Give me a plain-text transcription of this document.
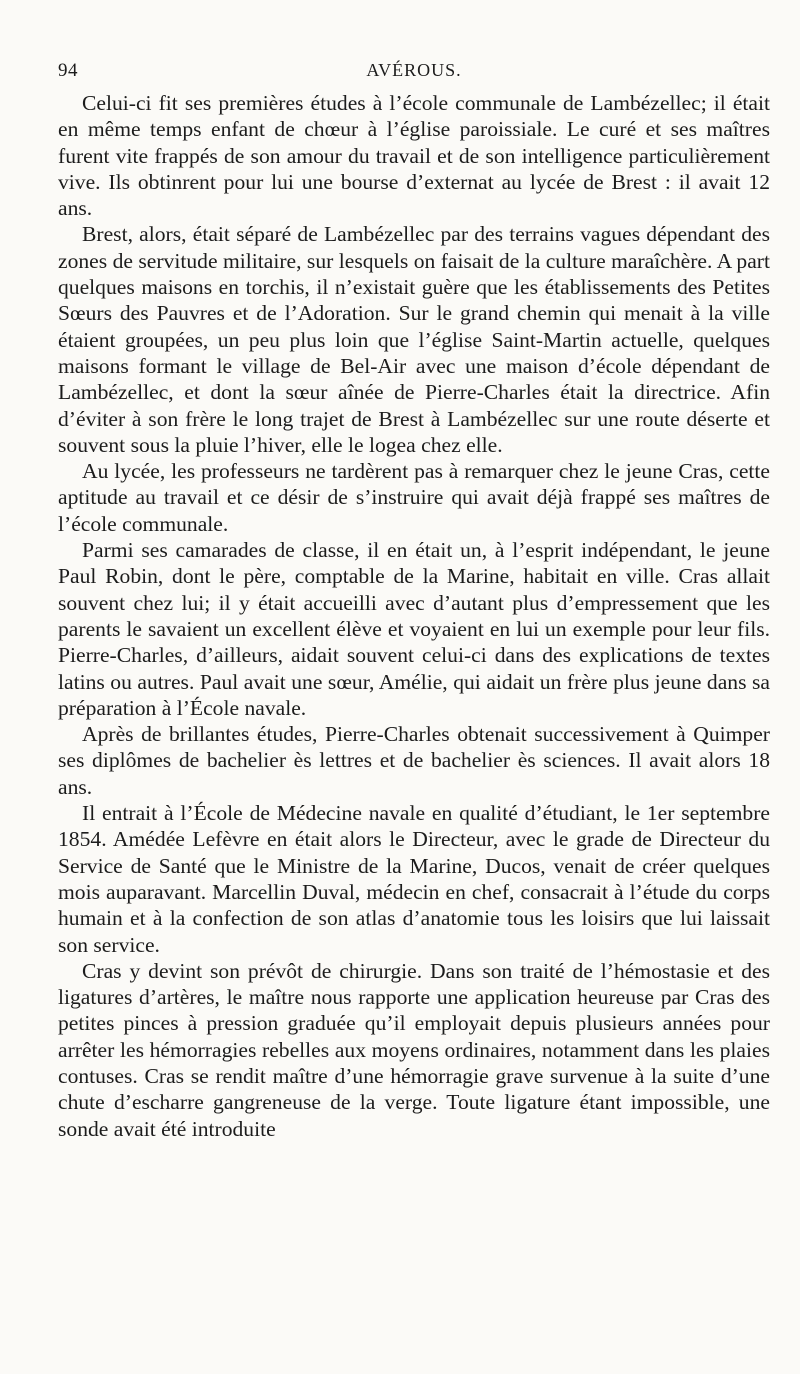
94	AVÉROUS.

Celui-ci fit ses premières études à l’école communale de Lambézellec; il était en même temps enfant de chœur à l’église paroissiale. Le curé et ses maîtres furent vite frappés de son amour du travail et de son intelligence particulièrement vive. Ils obtinrent pour lui une bourse d’externat au lycée de Brest : il avait 12 ans.

Brest, alors, était séparé de Lambézellec par des terrains vagues dépendant des zones de servitude militaire, sur lesquels on faisait de la culture maraîchère. A part quelques maisons en torchis, il n’existait guère que les établissements des Petites Sœurs des Pauvres et de l’Adoration. Sur le grand chemin qui menait à la ville étaient groupées, un peu plus loin que l’église Saint-Martin actuelle, quelques maisons formant le village de Bel-Air avec une maison d’école dépendant de Lambézellec, et dont la sœur aînée de Pierre-Charles était la directrice. Afin d’éviter à son frère le long trajet de Brest à Lambézellec sur une route déserte et souvent sous la pluie l’hiver, elle le logea chez elle.

Au lycée, les professeurs ne tardèrent pas à remarquer chez le jeune Cras, cette aptitude au travail et ce désir de s’instruire qui avait déjà frappé ses maîtres de l’école communale.

Parmi ses camarades de classe, il en était un, à l’esprit indépendant, le jeune Paul Robin, dont le père, comptable de la Marine, habitait en ville. Cras allait souvent chez lui; il y était accueilli avec d’autant plus d’empressement que les parents le savaient un excellent élève et voyaient en lui un exemple pour leur fils. Pierre-Charles, d’ailleurs, aidait souvent celui-ci dans des explications de textes latins ou autres. Paul avait une sœur, Amélie, qui aidait un frère plus jeune dans sa préparation à l’École navale.

Après de brillantes études, Pierre-Charles obtenait successivement à Quimper ses diplômes de bachelier ès lettres et de bachelier ès sciences. Il avait alors 18 ans.

Il entrait à l’École de Médecine navale en qualité d’étudiant, le 1er septembre 1854. Amédée Lefèvre en était alors le Directeur, avec le grade de Directeur du Service de Santé que le Ministre de la Marine, Ducos, venait de créer quelques mois auparavant. Marcellin Duval, médecin en chef, consacrait à l’étude du corps humain et à la confection de son atlas d’anatomie tous les loisirs que lui laissait son service.

Cras y devint son prévôt de chirurgie. Dans son traité de l’hémostasie et des ligatures d’artères, le maître nous rapporte une application heureuse par Cras des petites pinces à pression graduée qu’il employait depuis plusieurs années pour arrêter les hémorragies rebelles aux moyens ordinaires, notamment dans les plaies contuses. Cras se rendit maître d’une hémorragie grave survenue à la suite d’une chute d’escharre gangreneuse de la verge. Toute ligature étant impossible, une sonde avait été introduite
